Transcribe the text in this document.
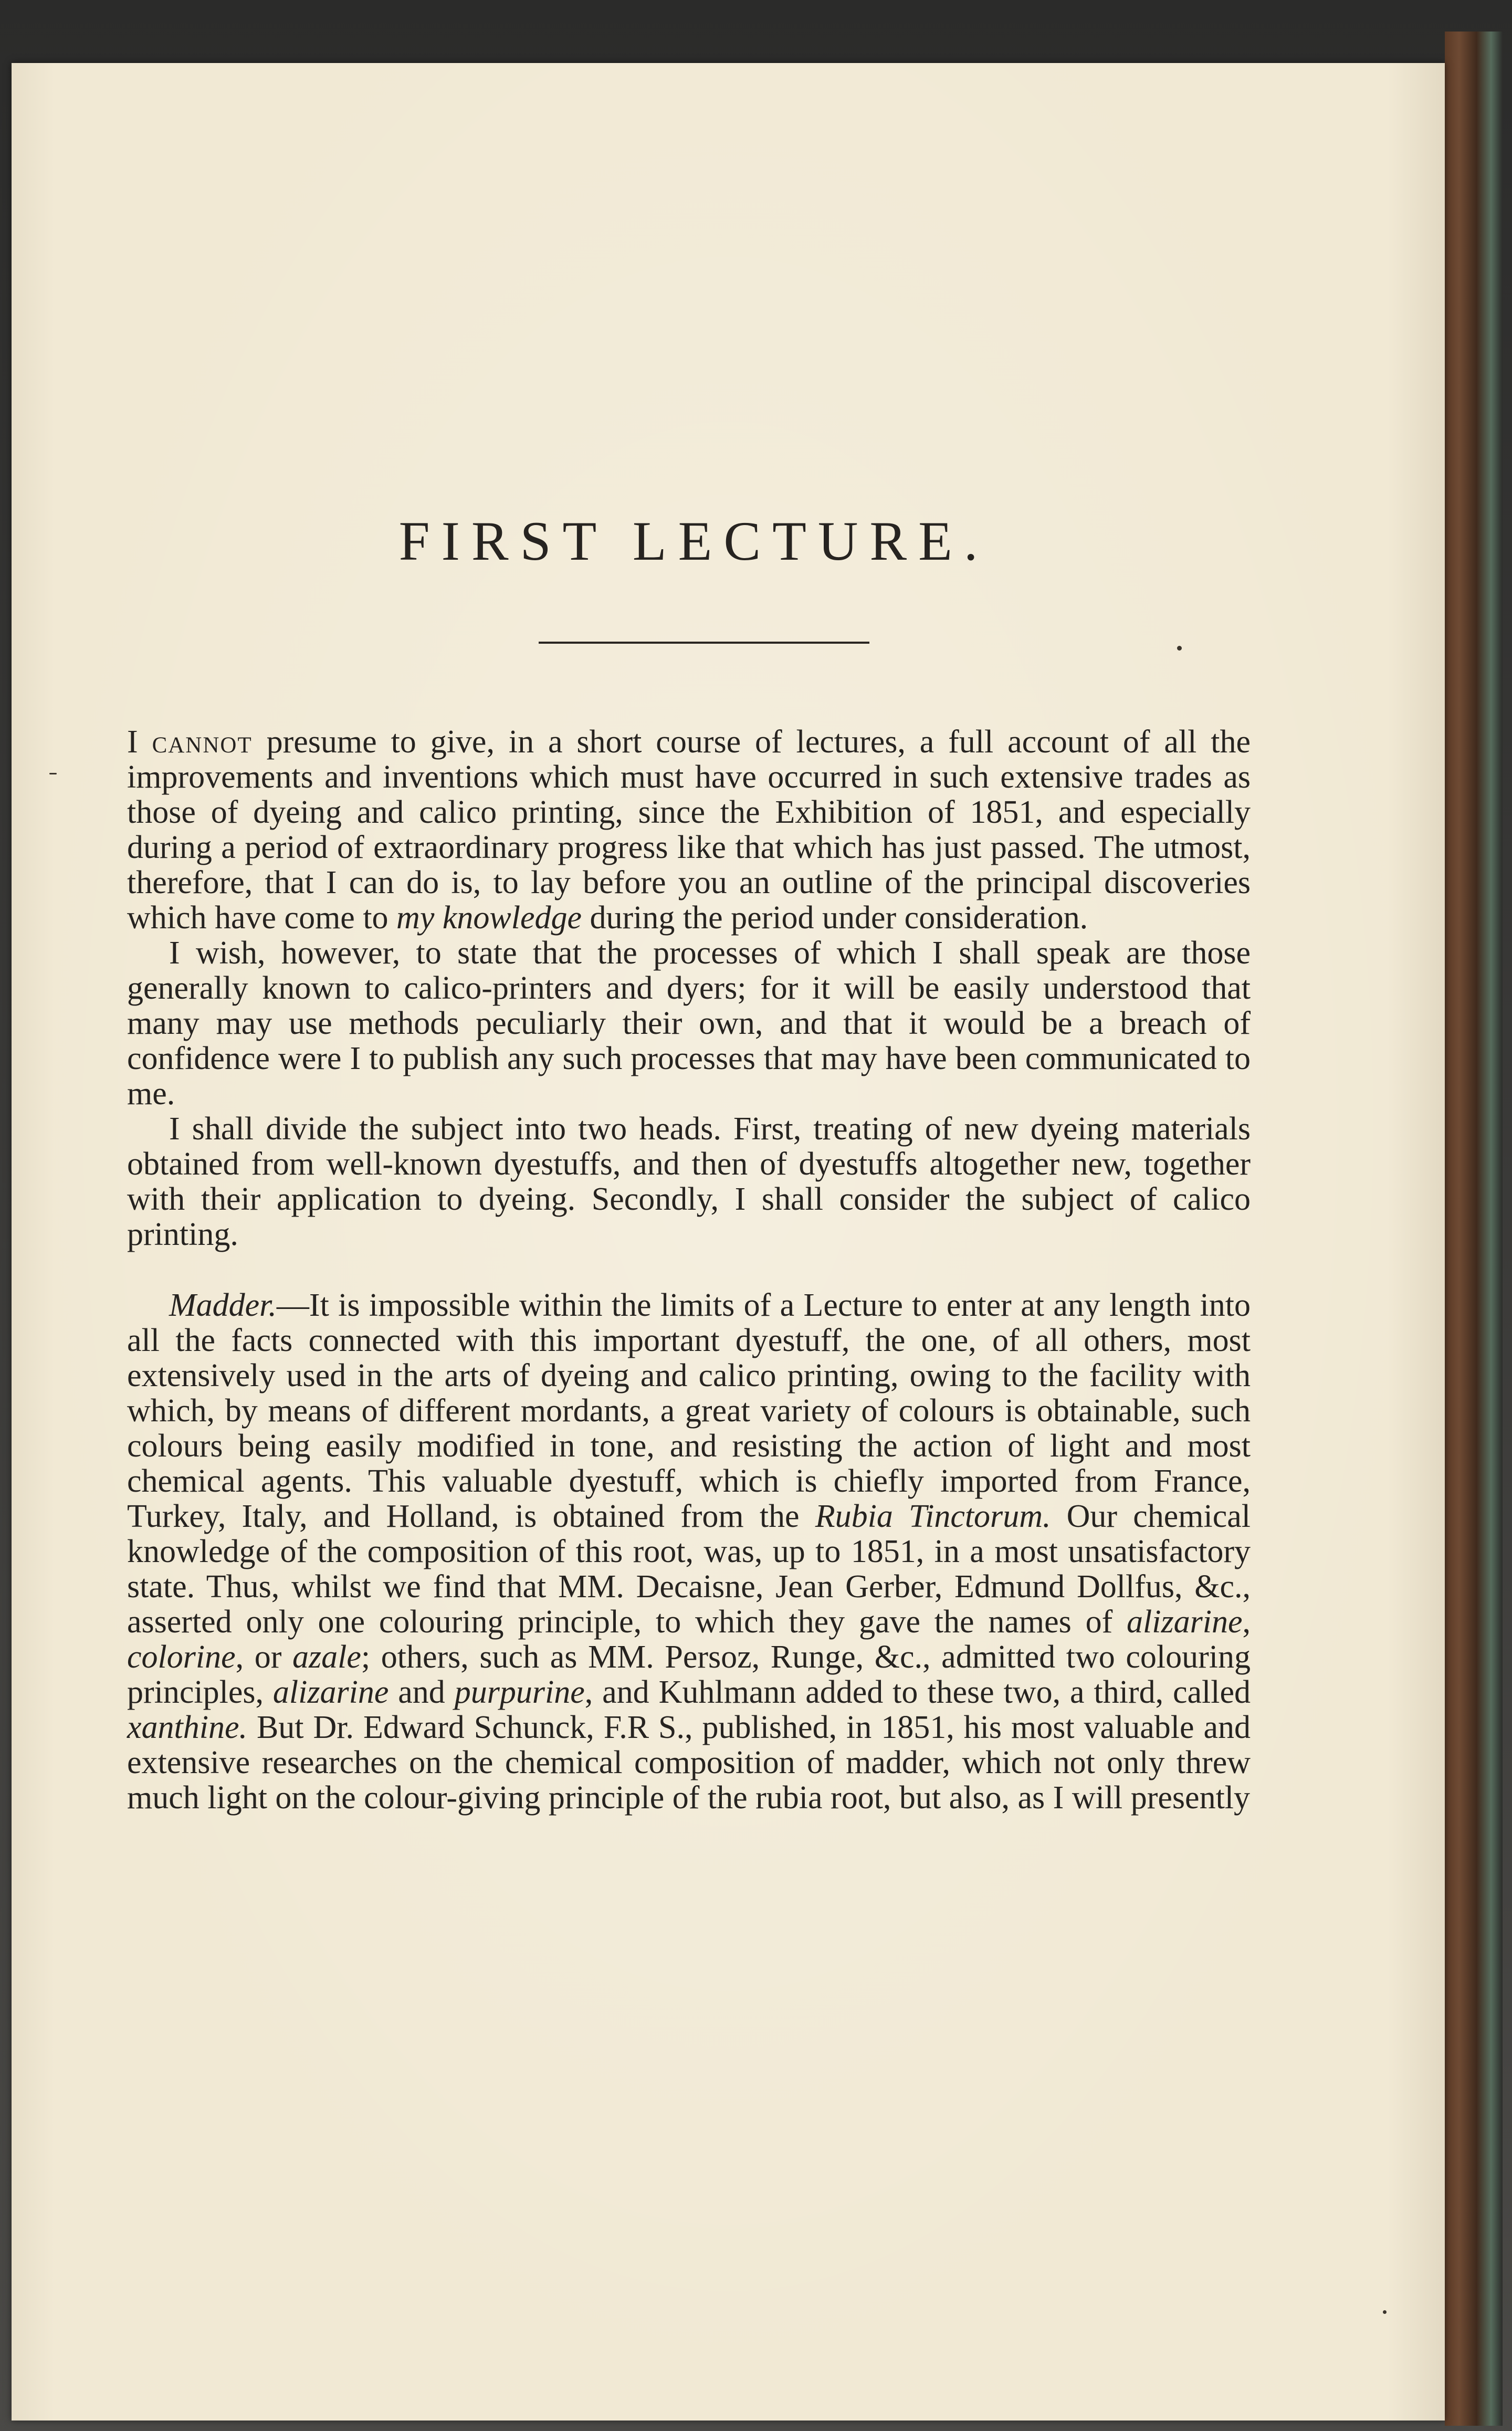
FIRST LECTURE.

I cannot presume to give, in a short course of lectures, a full account of all the improvements and inventions which must have occurred in such extensive trades as those of dyeing and calico printing, since the Exhibition of 1851, and especially during a period of extraordinary progress like that which has just passed. The utmost, therefore, that I can do is, to lay before you an outline of the principal discoveries which have come to my knowledge during the period under consideration.

I wish, however, to state that the processes of which I shall speak are those generally known to calico-printers and dyers; for it will be easily understood that many may use methods peculiarly their own, and that it would be a breach of confidence were I to publish any such processes that may have been communicated to me.

I shall divide the subject into two heads. First, treating of new dyeing materials obtained from well-known dyestuffs, and then of dyestuffs altogether new, together with their application to dyeing. Secondly, I shall consider the subject of calico printing.

Madder.—It is impossible within the limits of a Lecture to enter at any length into all the facts connected with this important dyestuff, the one, of all others, most extensively used in the arts of dyeing and calico printing, owing to the facility with which, by means of different mordants, a great variety of colours is obtainable, such colours being easily modified in tone, and resisting the action of light and most chemical agents. This valuable dyestuff, which is chiefly imported from France, Turkey, Italy, and Holland, is obtained from the Rubia Tinctorum. Our chemical knowledge of the composition of this root, was, up to 1851, in a most unsatisfactory state. Thus, whilst we find that MM. Decaisne, Jean Gerber, Edmund Dollfus, &c., asserted only one colouring principle, to which they gave the names of alizarine, colorine, or azale; others, such as MM. Persoz, Runge, &c., admitted two colouring principles, alizarine and purpurine, and Kuhlmann added to these two, a third, called xanthine. But Dr. Edward Schunck, F.R S., published, in 1851, his most valuable and extensive researches on the chemical composition of madder, which not only threw much light on the colour-giving principle of the rubia root, but also, as I will presently
